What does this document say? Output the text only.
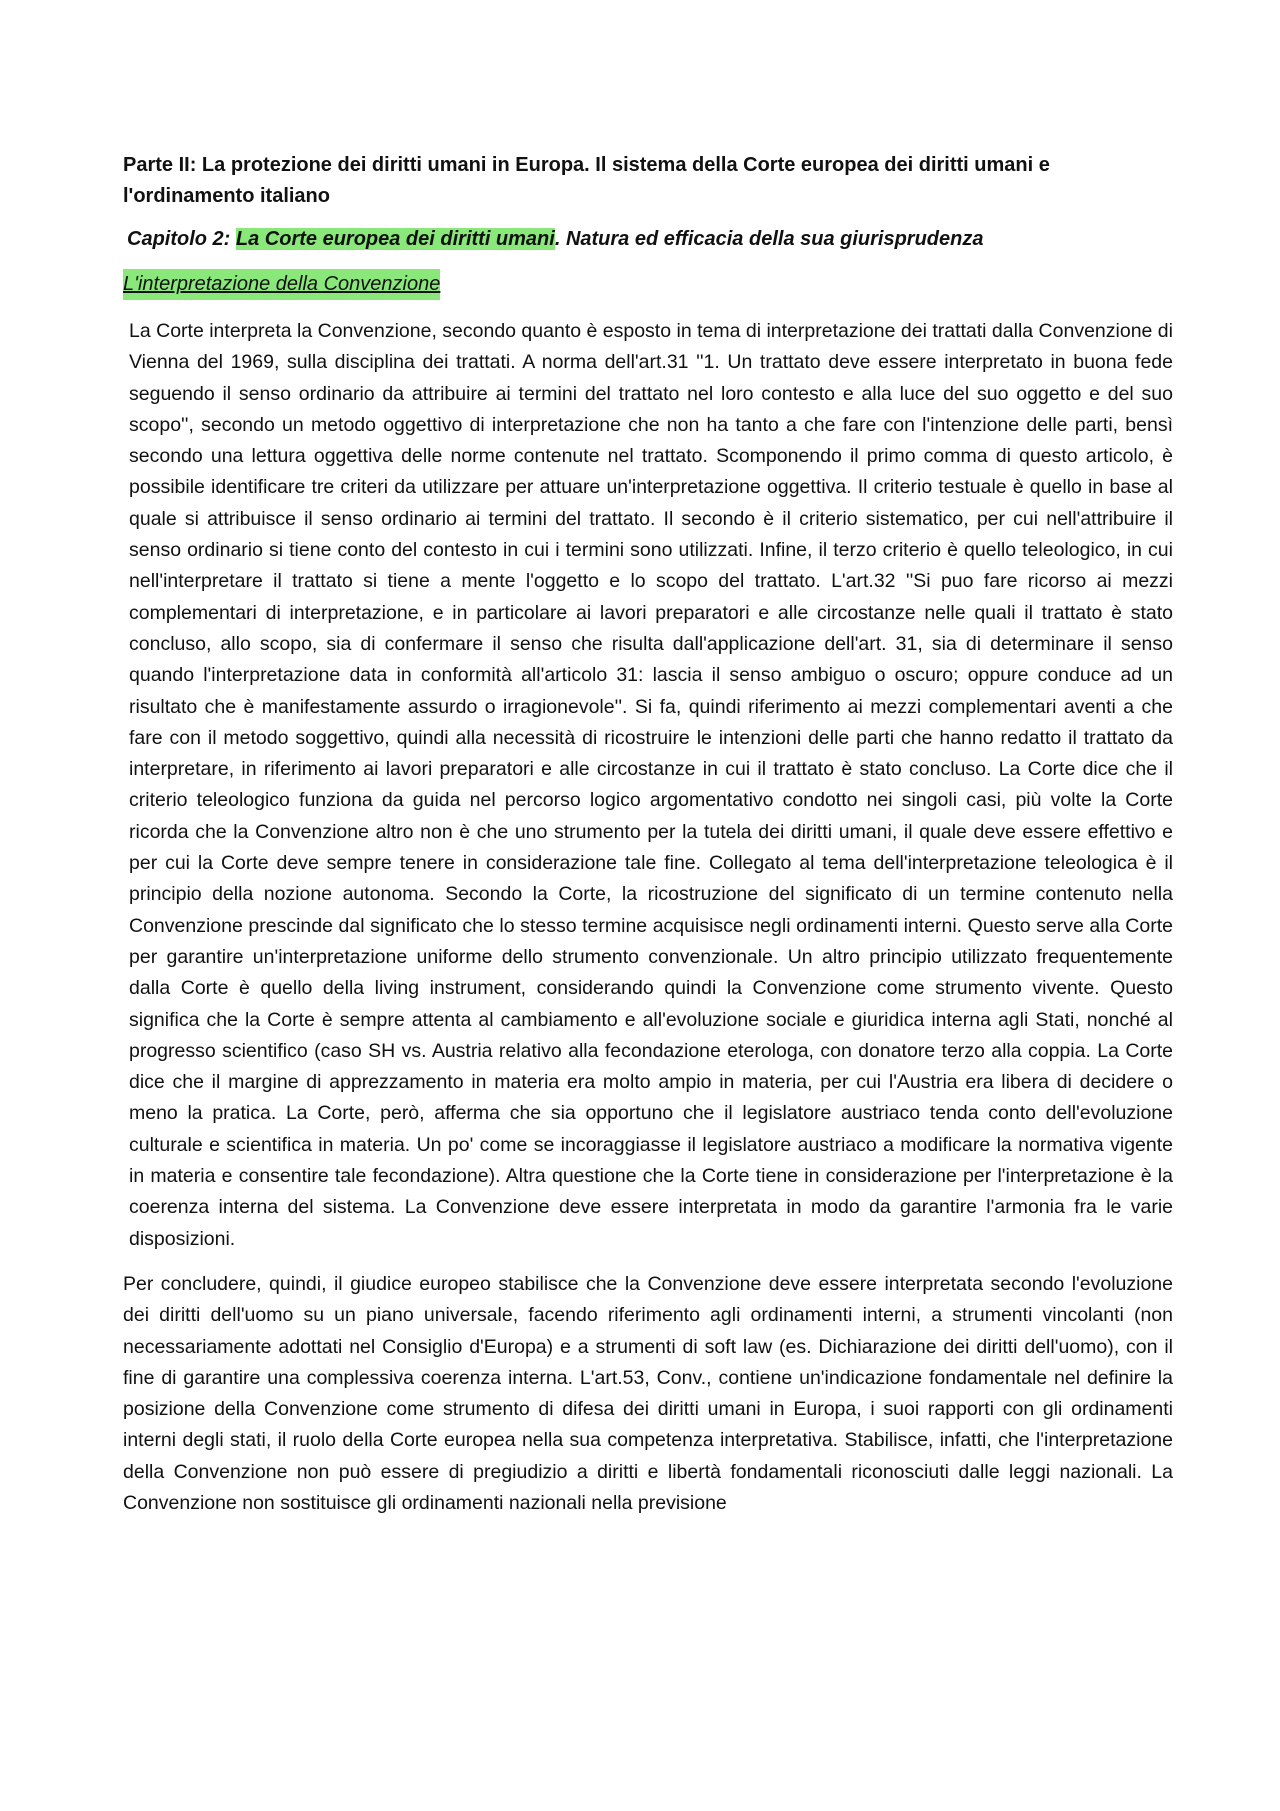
Parte II: La protezione dei diritti umani in Europa. Il sistema della Corte europea dei diritti umani e l'ordinamento italiano
Capitolo 2: La Corte europea dei diritti umani. Natura ed efficacia della sua giurisprudenza
L'interpretazione della Convenzione

La Corte interpreta la Convenzione, secondo quanto è esposto in tema di interpretazione dei trattati dalla Convenzione di Vienna del 1969, sulla disciplina dei trattati. A norma dell'art.31 ''1. Un trattato deve essere interpretato in buona fede seguendo il senso ordinario da attribuire ai termini del trattato nel loro contesto e alla luce del suo oggetto e del suo scopo'', secondo un metodo oggettivo di interpretazione che non ha tanto a che fare con l'intenzione delle parti, bensì secondo una lettura oggettiva delle norme contenute nel trattato. Scomponendo il primo comma di questo articolo, è possibile identificare tre criteri da utilizzare per attuare un'interpretazione oggettiva. Il criterio testuale è quello in base al quale si attribuisce il senso ordinario ai termini del trattato. Il secondo è il criterio sistematico, per cui nell'attribuire il senso ordinario si tiene conto del contesto in cui i termini sono utilizzati. Infine, il terzo criterio è quello teleologico, in cui nell'interpretare il trattato si tiene a mente l'oggetto e lo scopo del trattato. L'art.32 ''Si puo fare ricorso ai mezzi complementari di interpretazione, e in particolare ai lavori preparatori e alle circostanze nelle quali il trattato è stato concluso, allo scopo, sia di confermare il senso che risulta dall'applicazione dell'art. 31, sia di determinare il senso quando l'interpretazione data in conformità all'articolo 31: lascia il senso ambiguo o oscuro; oppure conduce ad un risultato che è manifestamente assurdo o irragionevole''. Si fa, quindi riferimento ai mezzi complementari aventi a che fare con il metodo soggettivo, quindi alla necessità di ricostruire le intenzioni delle parti che hanno redatto il trattato da interpretare, in riferimento ai lavori preparatori e alle circostanze in cui il trattato è stato concluso. La Corte dice che il criterio teleologico funziona da guida nel percorso logico argomentativo condotto nei singoli casi, più volte la Corte ricorda che la Convenzione altro non è che uno strumento per la tutela dei diritti umani, il quale deve essere effettivo e per cui la Corte deve sempre tenere in considerazione tale fine. Collegato al tema dell'interpretazione teleologica è il principio della nozione autonoma. Secondo la Corte, la ricostruzione del significato di un termine contenuto nella Convenzione prescinde dal significato che lo stesso termine acquisisce negli ordinamenti interni. Questo serve alla Corte per garantire un'interpretazione uniforme dello strumento convenzionale. Un altro principio utilizzato frequentemente dalla Corte è quello della living instrument, considerando quindi la Convenzione come strumento vivente. Questo significa che la Corte è sempre attenta al cambiamento e all'evoluzione sociale e giuridica interna agli Stati, nonché al progresso scientifico (caso SH vs. Austria relativo alla fecondazione eterologa, con donatore terzo alla coppia. La Corte dice che il margine di apprezzamento in materia era molto ampio in materia, per cui l'Austria era libera di decidere o meno la pratica. La Corte, però, afferma che sia opportuno che il legislatore austriaco tenda conto dell'evoluzione culturale e scientifica in materia. Un po' come se incoraggiasse il legislatore austriaco a modificare la normativa vigente in materia e consentire tale fecondazione). Altra questione che la Corte tiene in considerazione per l'interpretazione è la coerenza interna del sistema. La Convenzione deve essere interpretata in modo da garantire l'armonia fra le varie disposizioni.

Per concludere, quindi, il giudice europeo stabilisce che la Convenzione deve essere interpretata secondo l'evoluzione dei diritti dell'uomo su un piano universale, facendo riferimento agli ordinamenti interni, a strumenti vincolanti (non necessariamente adottati nel Consiglio d'Europa) e a strumenti di soft law (es. Dichiarazione dei diritti dell'uomo), con il fine di garantire una complessiva coerenza interna. L'art.53, Conv., contiene un'indicazione fondamentale nel definire la posizione della Convenzione come strumento di difesa dei diritti umani in Europa, i suoi rapporti con gli ordinamenti interni degli stati, il ruolo della Corte europea nella sua competenza interpretativa. Stabilisce, infatti, che l'interpretazione della Convenzione non può essere di pregiudizio a diritti e libertà fondamentali riconosciuti dalle leggi nazionali. La Convenzione non sostituisce gli ordinamenti nazionali nella previsione
